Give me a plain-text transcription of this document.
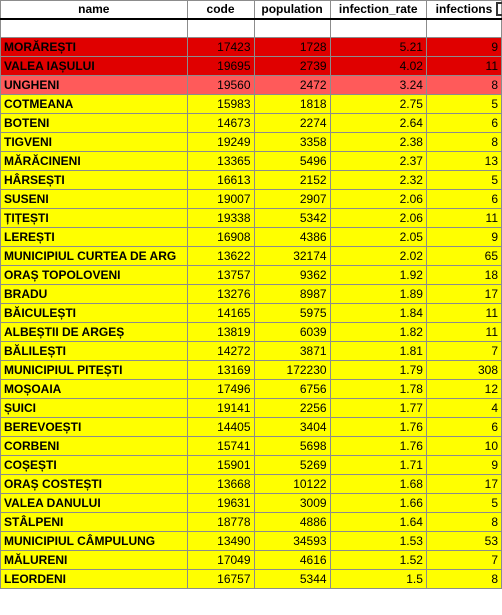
name	code	population	infection_rate	infections

MORĂREȘTI	17423	1728	5.21	9
VALEA IAȘULUI	19695	2739	4.02	11
UNGHENI	19560	2472	3.24	8
COTMEANA	15983	1818	2.75	5
BOTENI	14673	2274	2.64	6
TIGVENI	19249	3358	2.38	8
MĂRĂCINENI	13365	5496	2.37	13
HÂRSEȘTI	16613	2152	2.32	5
SUSENI	19007	2907	2.06	6
ȚIȚEȘTI	19338	5342	2.06	11
LEREȘTI	16908	4386	2.05	9
MUNICIPIUL CURTEA DE ARG	13622	32174	2.02	65
ORAȘ TOPOLOVENI	13757	9362	1.92	18
BRADU	13276	8987	1.89	17
BĂICULEȘTI	14165	5975	1.84	11
ALBEȘTII DE ARGEȘ	13819	6039	1.82	11
BĂLILEȘTI	14272	3871	1.81	7
MUNICIPIUL PITEȘTI	13169	172230	1.79	308
MOȘOAIA	17496	6756	1.78	12
ȘUICI	19141	2256	1.77	4
BEREVOEȘTI	14405	3404	1.76	6
CORBENI	15741	5698	1.76	10
COȘEȘTI	15901	5269	1.71	9
ORAȘ COSTEȘTI	13668	10122	1.68	17
VALEA DANULUI	19631	3009	1.66	5
STÂLPENI	18778	4886	1.64	8
MUNICIPIUL CÂMPULUNG	13490	34593	1.53	53
MĂLURENI	17049	4616	1.52	7
LEORDENI	16757	5344	1.5	8
